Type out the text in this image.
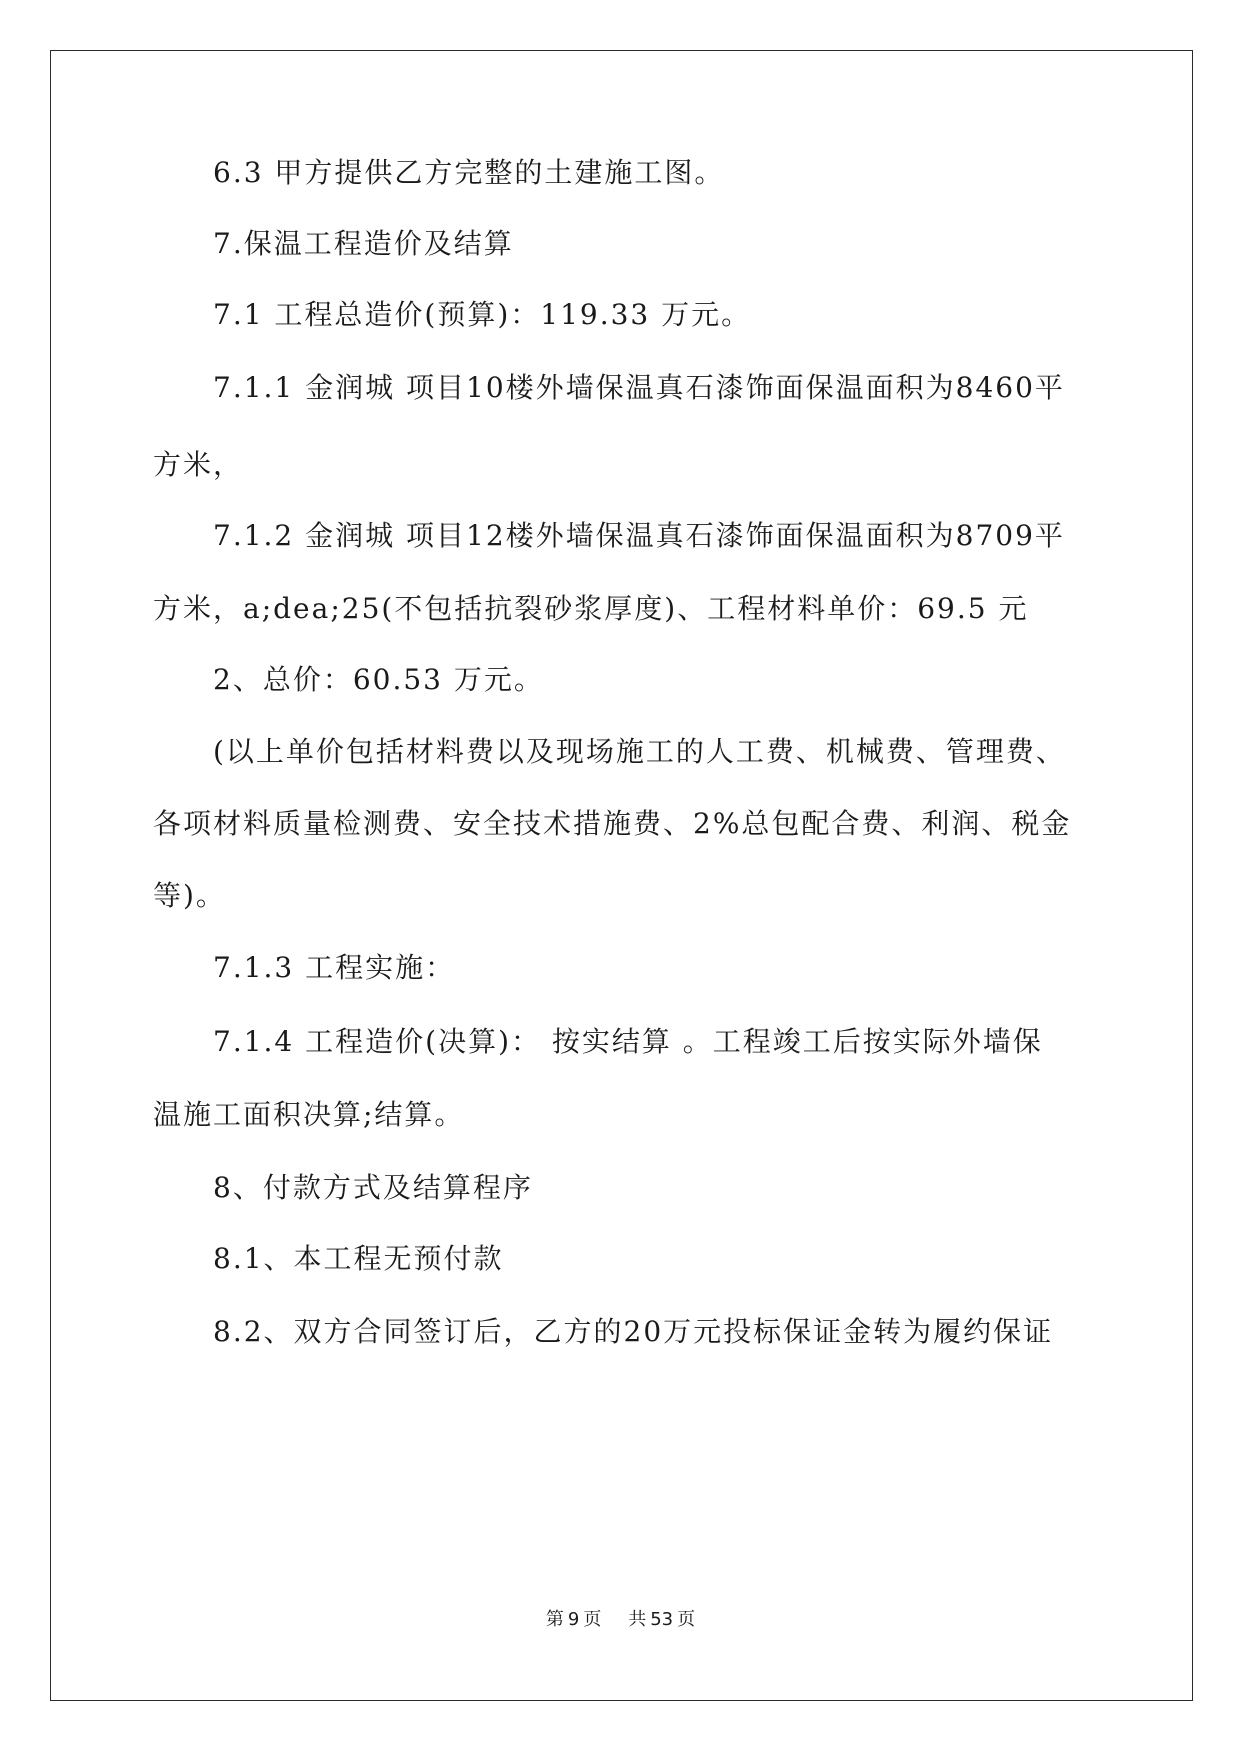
6.3 甲方提供乙方完整的土建施工图。
7.保温工程造价及结算
7.1 工程总造价(预算)：119.33 万元。
7.1.1 金润城 项目10楼外墙保温真石漆饰面保温面积为8460平
方米，
7.1.2 金润城 项目12楼外墙保温真石漆饰面保温面积为8709平
方米，a;dea;25(不包括抗裂砂浆厚度)、工程材料单价：69.5 元
2、总价：60.53 万元。
(以上单价包括材料费以及现场施工的人工费、机械费、管理费、
各项材料质量检测费、安全技术措施费、2%总包配合费、利润、税金
等)。
7.1.3 工程实施：
7.1.4 工程造价(决算)： 按实结算 。工程竣工后按实际外墙保
温施工面积决算;结算。
8、付款方式及结算程序
8.1、本工程无预付款
8.2、双方合同签订后，乙方的20万元投标保证金转为履约保证
第 9 页 共 53 页
